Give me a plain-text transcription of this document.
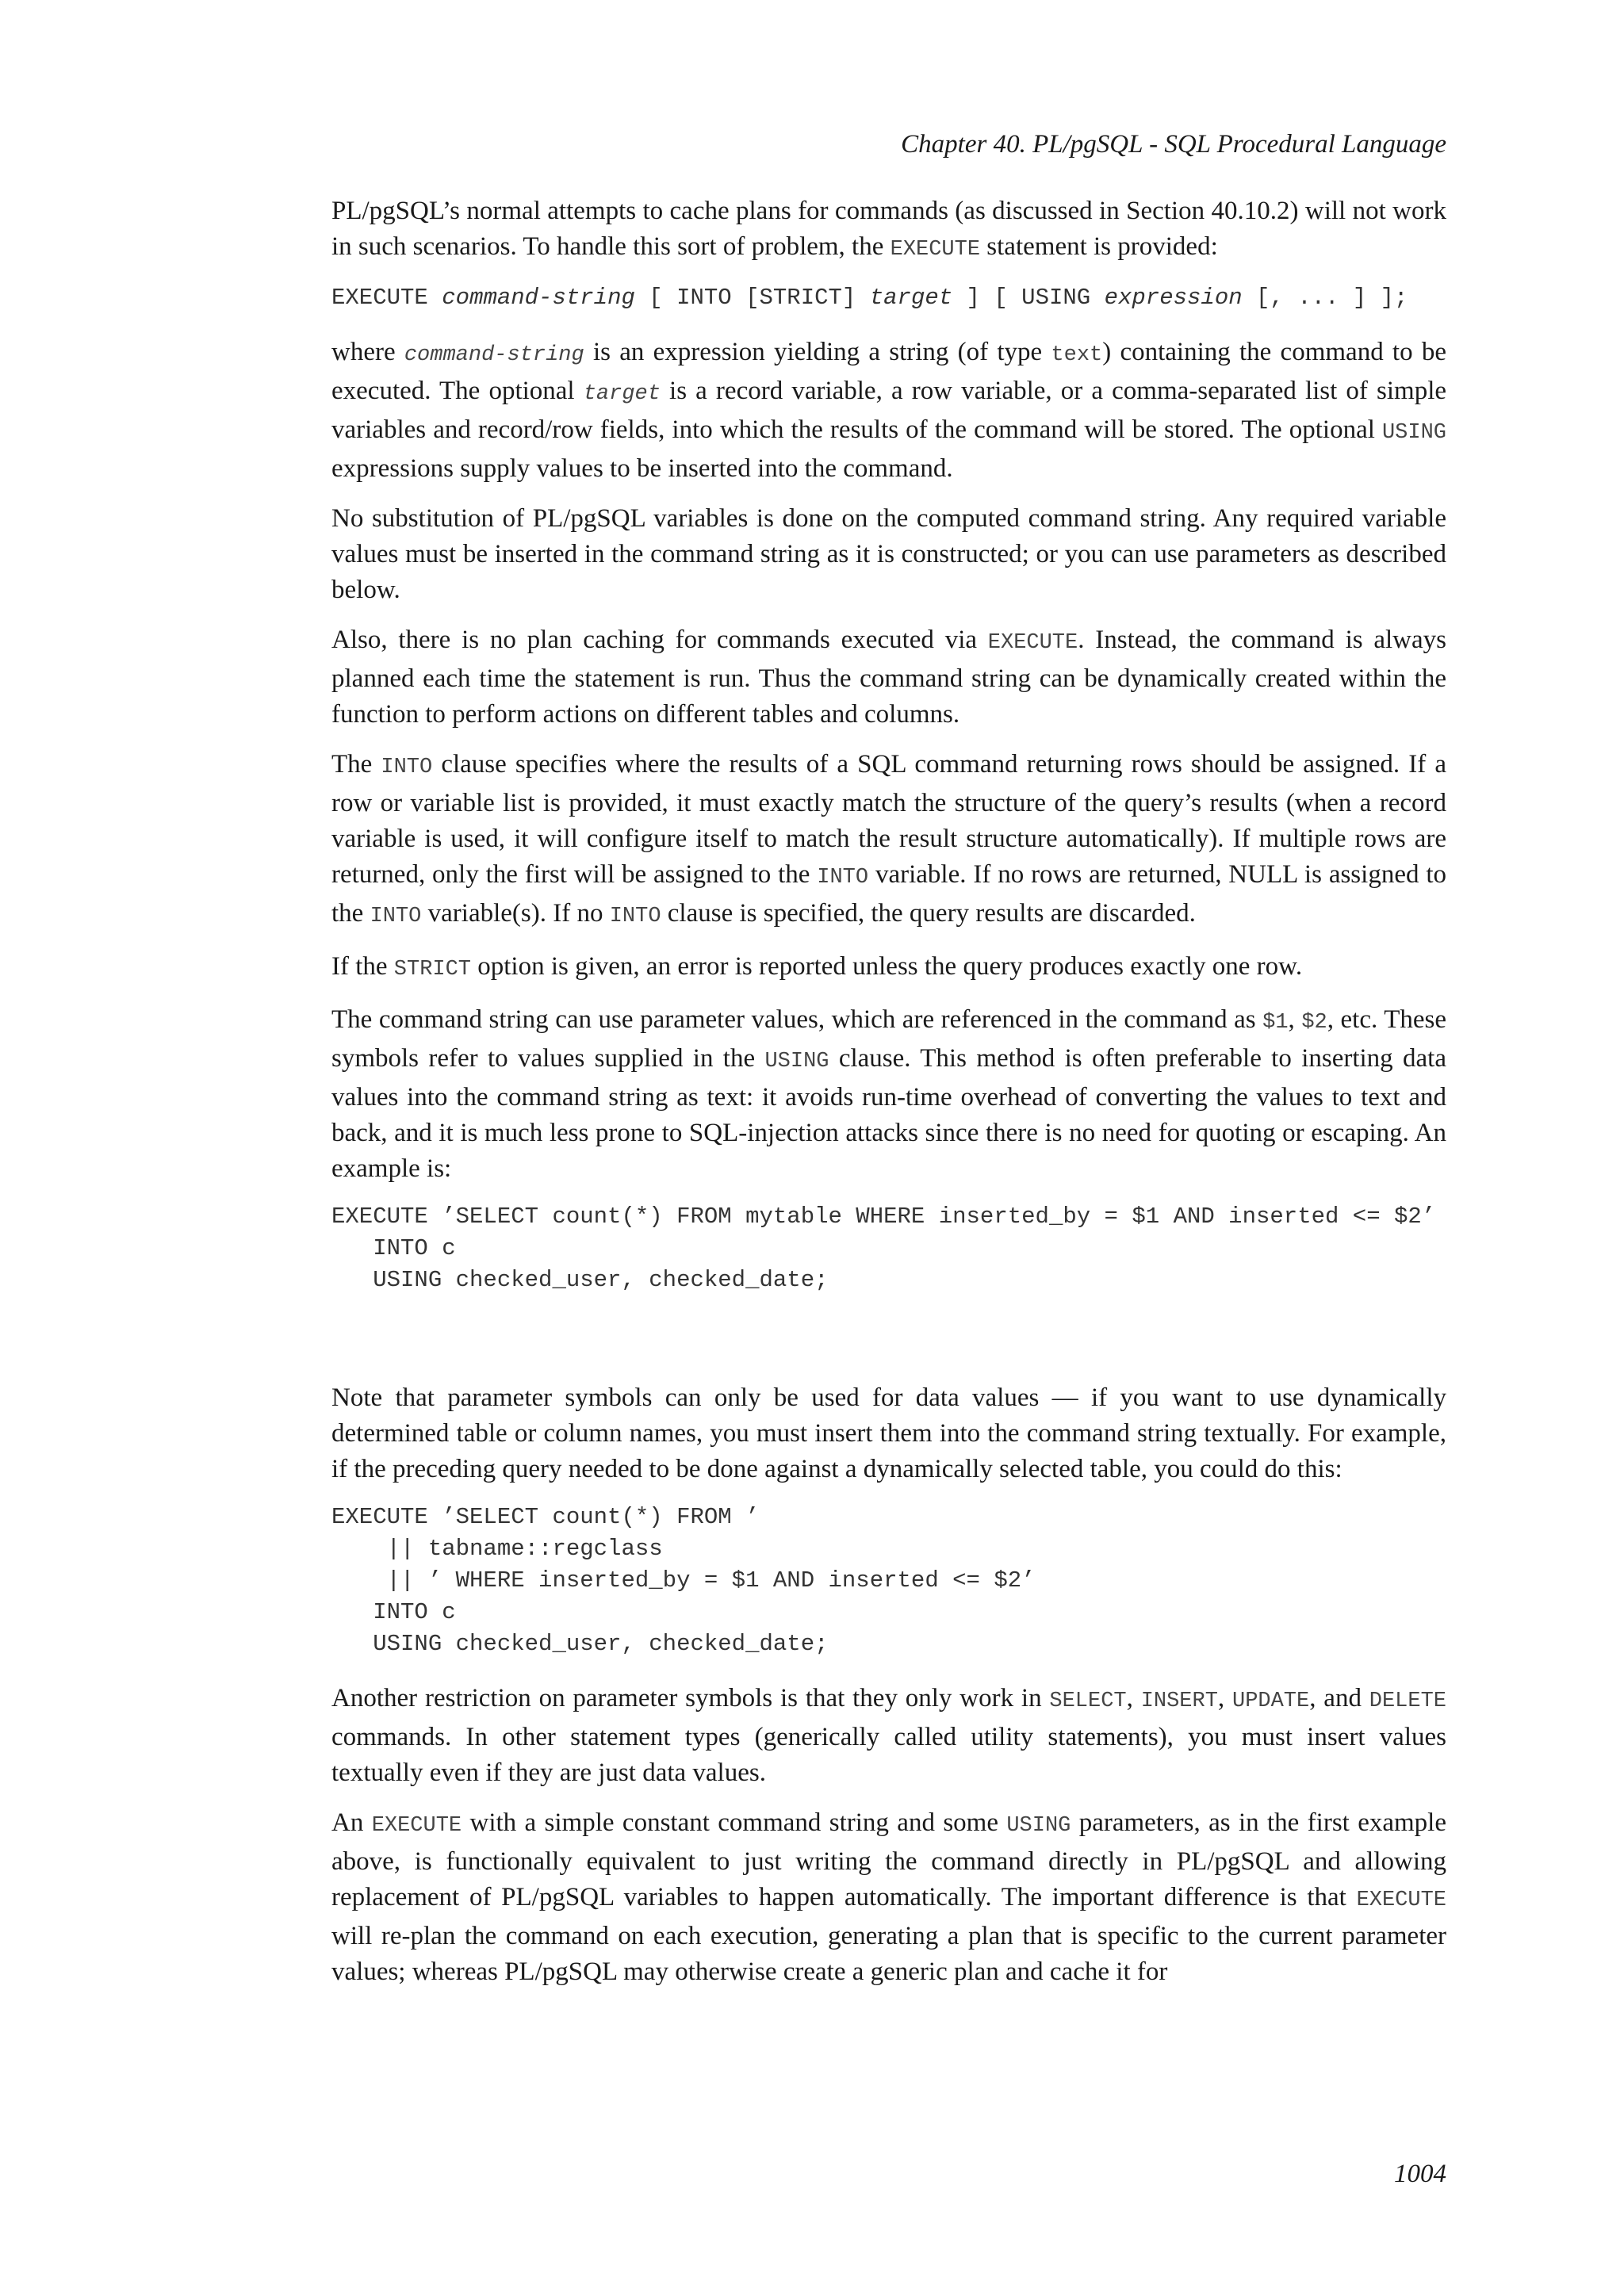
Chapter 40. PL/pgSQL - SQL Procedural Language

PL/pgSQL’s normal attempts to cache plans for commands (as discussed in Section 40.10.2) will not work in such scenarios. To handle this sort of problem, the EXECUTE statement is provided:

EXECUTE command-string [ INTO [STRICT] target ] [ USING expression [, ... ] ];

where command-string is an expression yielding a string (of type text) containing the command to be executed. The optional target is a record variable, a row variable, or a comma-separated list of simple variables and record/row fields, into which the results of the command will be stored. The optional USING expressions supply values to be inserted into the command.

No substitution of PL/pgSQL variables is done on the computed command string. Any required variable values must be inserted in the command string as it is constructed; or you can use parameters as described below.

Also, there is no plan caching for commands executed via EXECUTE. Instead, the command is always planned each time the statement is run. Thus the command string can be dynamically created within the function to perform actions on different tables and columns.

The INTO clause specifies where the results of a SQL command returning rows should be assigned. If a row or variable list is provided, it must exactly match the structure of the query’s results (when a record variable is used, it will configure itself to match the result structure automatically). If multiple rows are returned, only the first will be assigned to the INTO variable. If no rows are returned, NULL is assigned to the INTO variable(s). If no INTO clause is specified, the query results are discarded.

If the STRICT option is given, an error is reported unless the query produces exactly one row.

The command string can use parameter values, which are referenced in the command as $1, $2, etc. These symbols refer to values supplied in the USING clause. This method is often preferable to inserting data values into the command string as text: it avoids run-time overhead of converting the values to text and back, and it is much less prone to SQL-injection attacks since there is no need for quoting or escaping. An example is:

EXECUTE ’SELECT count(*) FROM mytable WHERE inserted_by = $1 AND inserted <= $2’
INTO c
USING checked_user, checked_date;

Note that parameter symbols can only be used for data values — if you want to use dynamically determined table or column names, you must insert them into the command string textually. For example, if the preceding query needed to be done against a dynamically selected table, you could do this:

EXECUTE ’SELECT count(*) FROM ’
|| tabname::regclass
|| ’ WHERE inserted_by = $1 AND inserted <= $2’
INTO c
USING checked_user, checked_date;

Another restriction on parameter symbols is that they only work in SELECT, INSERT, UPDATE, and DELETE commands. In other statement types (generically called utility statements), you must insert values textually even if they are just data values.

An EXECUTE with a simple constant command string and some USING parameters, as in the first example above, is functionally equivalent to just writing the command directly in PL/pgSQL and allowing replacement of PL/pgSQL variables to happen automatically. The important difference is that EXECUTE will re-plan the command on each execution, generating a plan that is specific to the current parameter values; whereas PL/pgSQL may otherwise create a generic plan and cache it for

1004
